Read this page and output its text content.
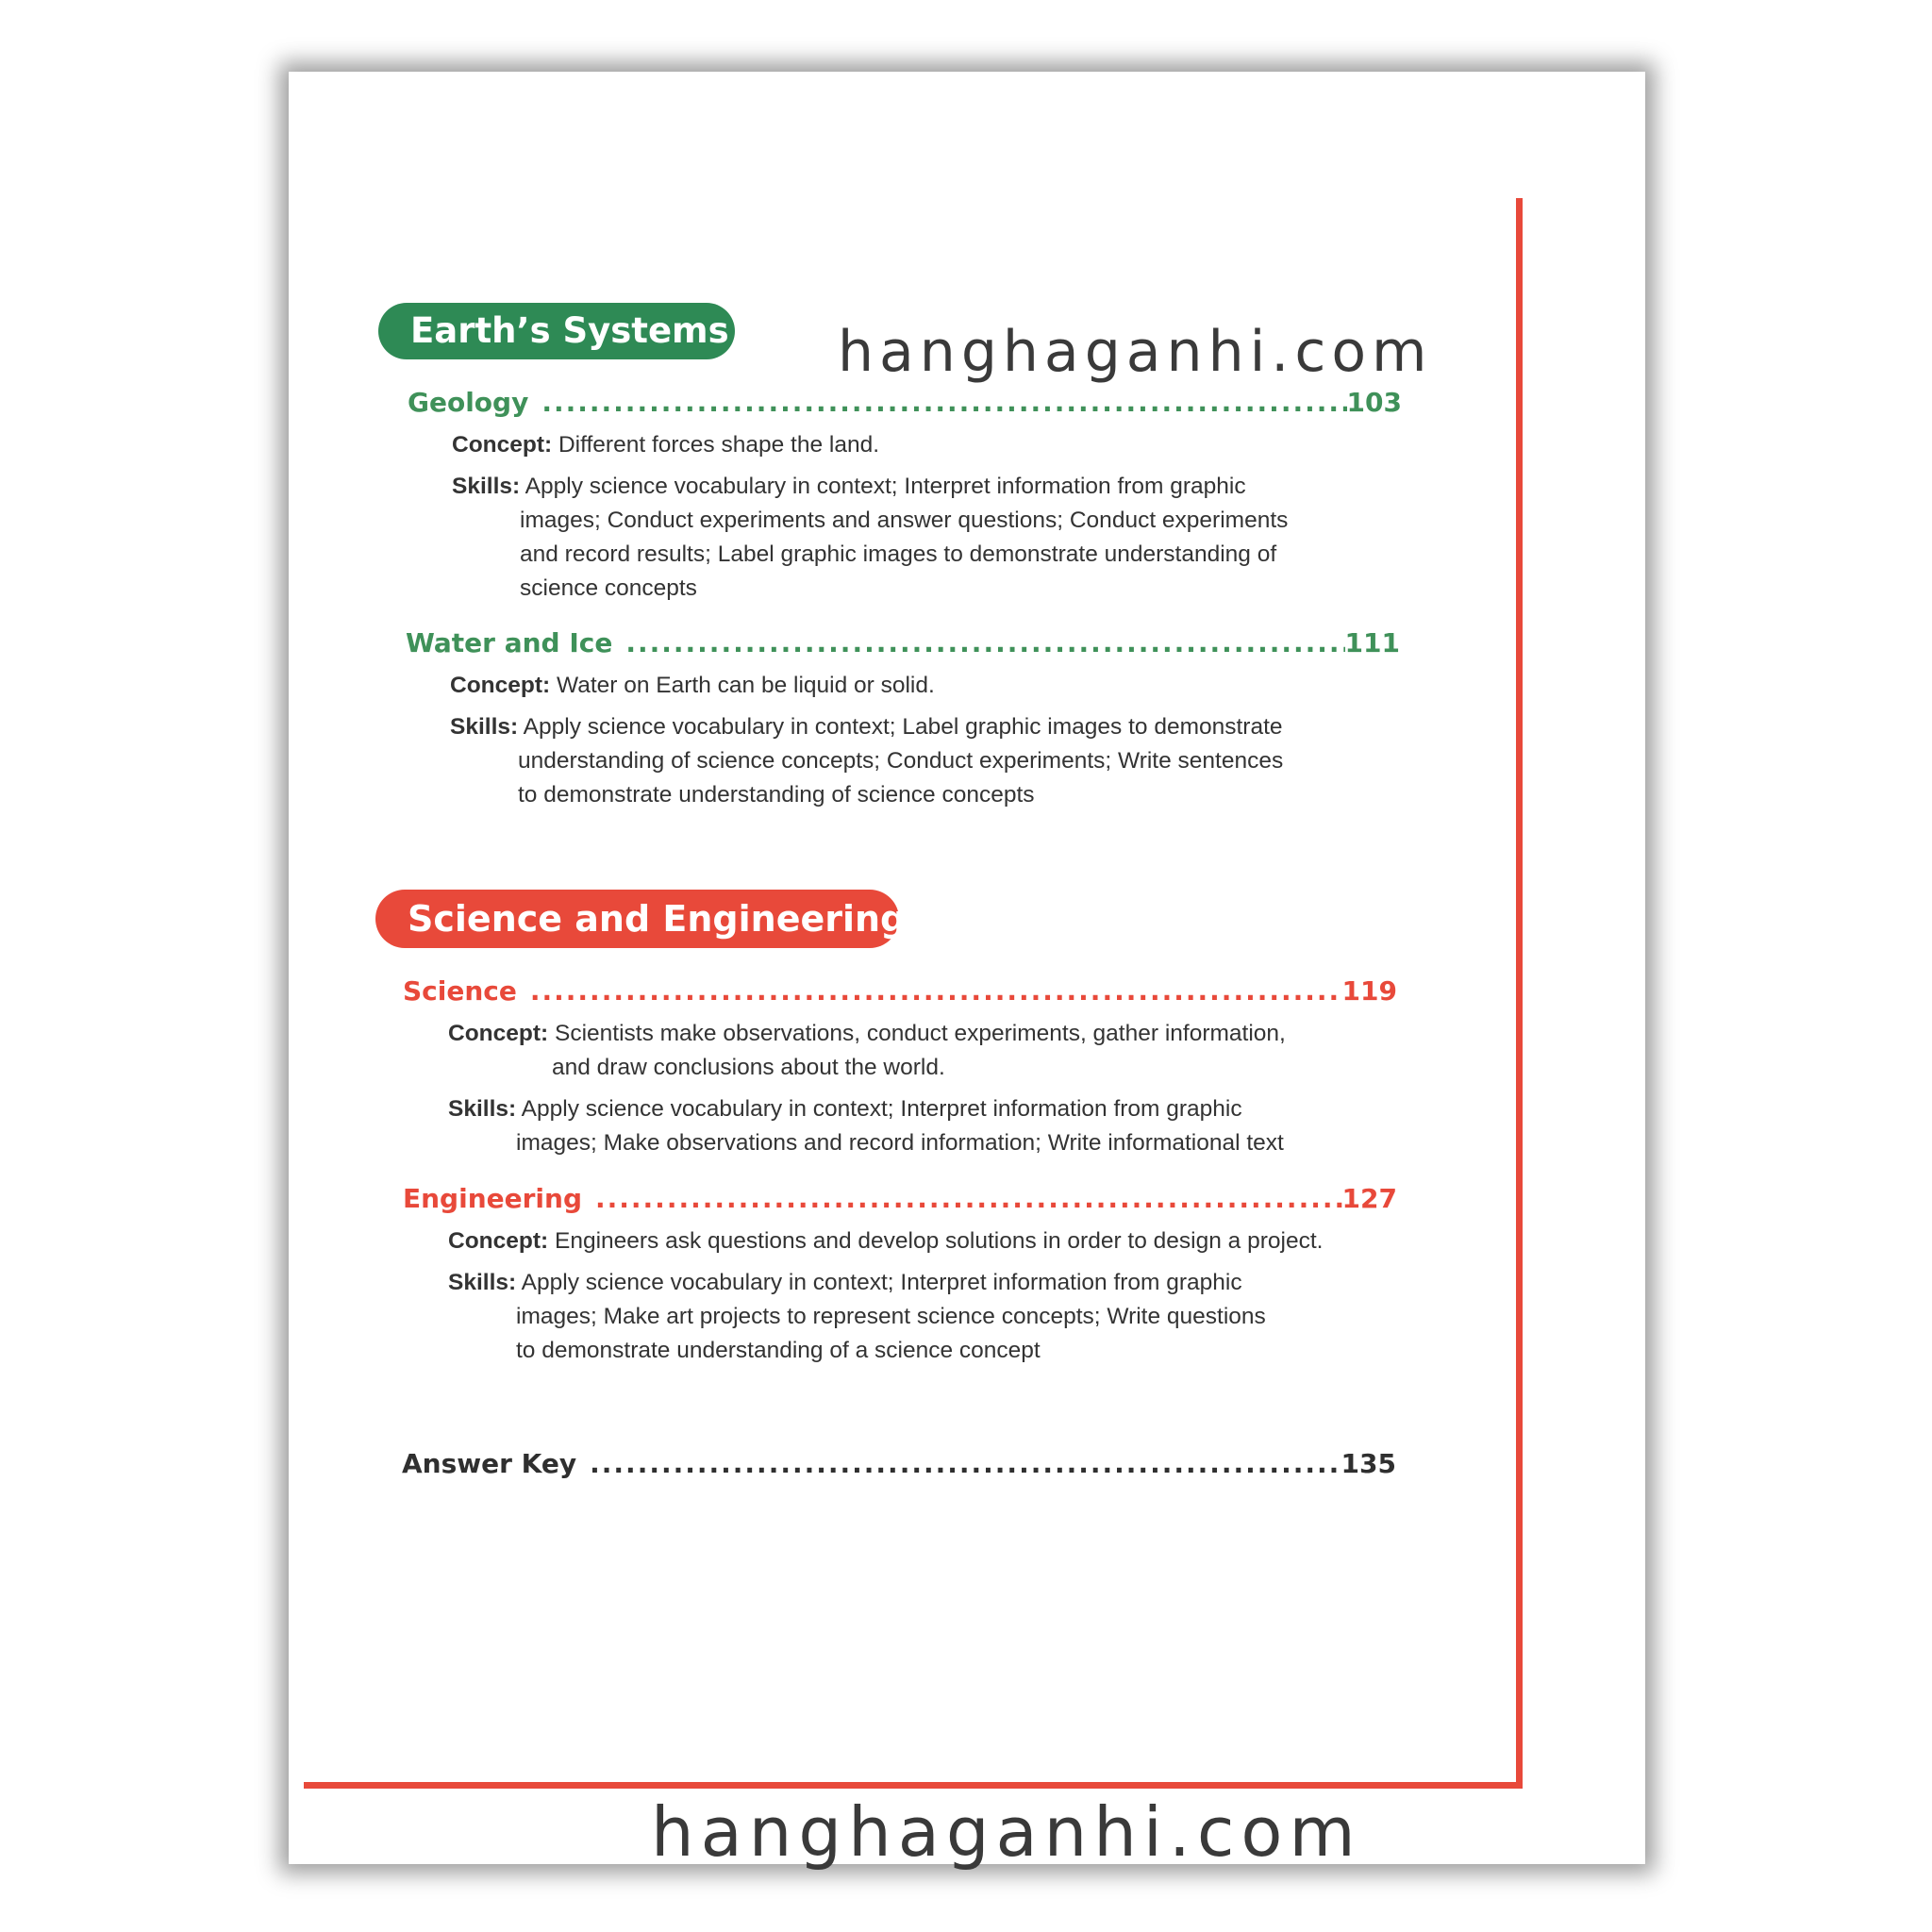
hanghaganhi.com
Earth’s Systems
Geology .....	103
Concept: Different forces shape the land.
Skills: Apply science vocabulary in context; Interpret information from graphic
images; Conduct experiments and answer questions; Conduct experiments
and record results; Label graphic images to demonstrate understanding of
science concepts
Water and Ice .....	111
Concept: Water on Earth can be liquid or solid.
Skills: Apply science vocabulary in context; Label graphic images to demonstrate
understanding of science concepts; Conduct experiments; Write sentences
to demonstrate understanding of science concepts
Science and Engineering
Science .....	119
Concept: Scientists make observations, conduct experiments, gather information,
and draw conclusions about the world.
Skills: Apply science vocabulary in context; Interpret information from graphic
images; Make observations and record information; Write informational text
Engineering .....	127
Concept: Engineers ask questions and develop solutions in order to design a project.
Skills: Apply science vocabulary in context; Interpret information from graphic
images; Make art projects to represent science concepts; Write questions
to demonstrate understanding of a science concept
Answer Key .....	135
hanghaganhi.com
